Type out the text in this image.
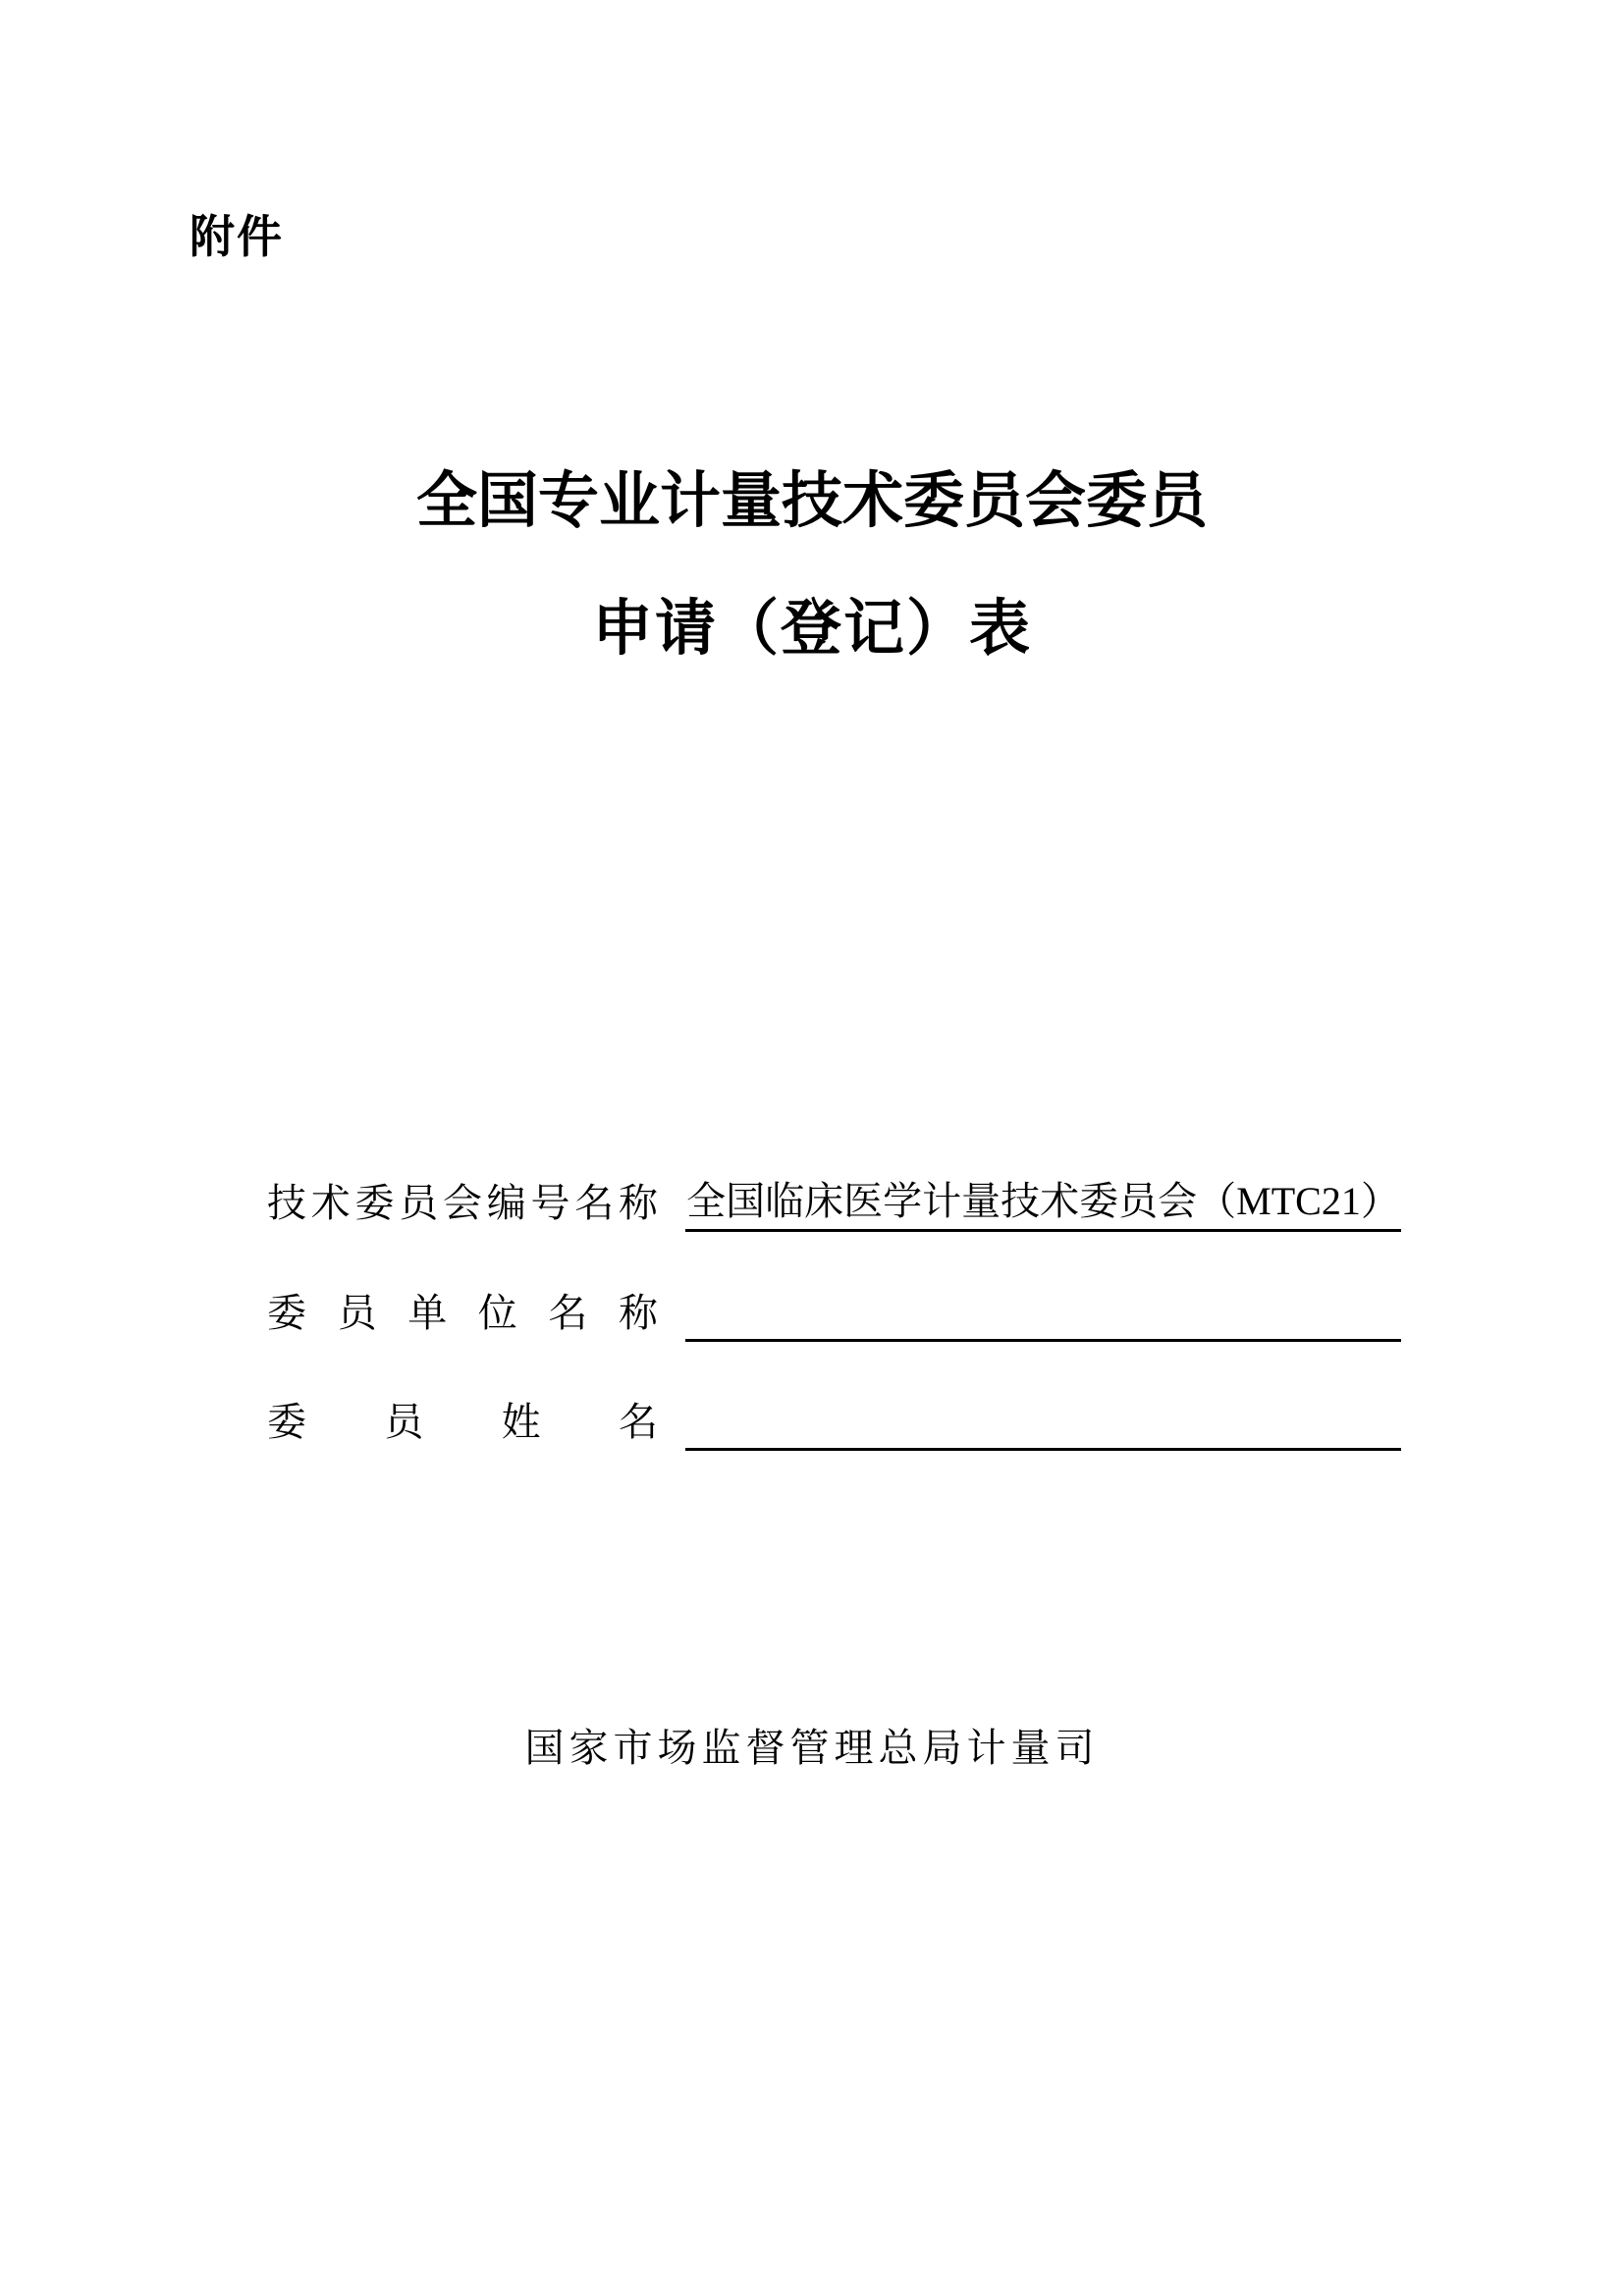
附件
全国专业计量技术委员会委员
申请（登记）表
技术委员会编号名称 全国临床医学计量技术委员会（MTC21）
委员单位名称
委员姓名
国家市场监督管理总局计量司
